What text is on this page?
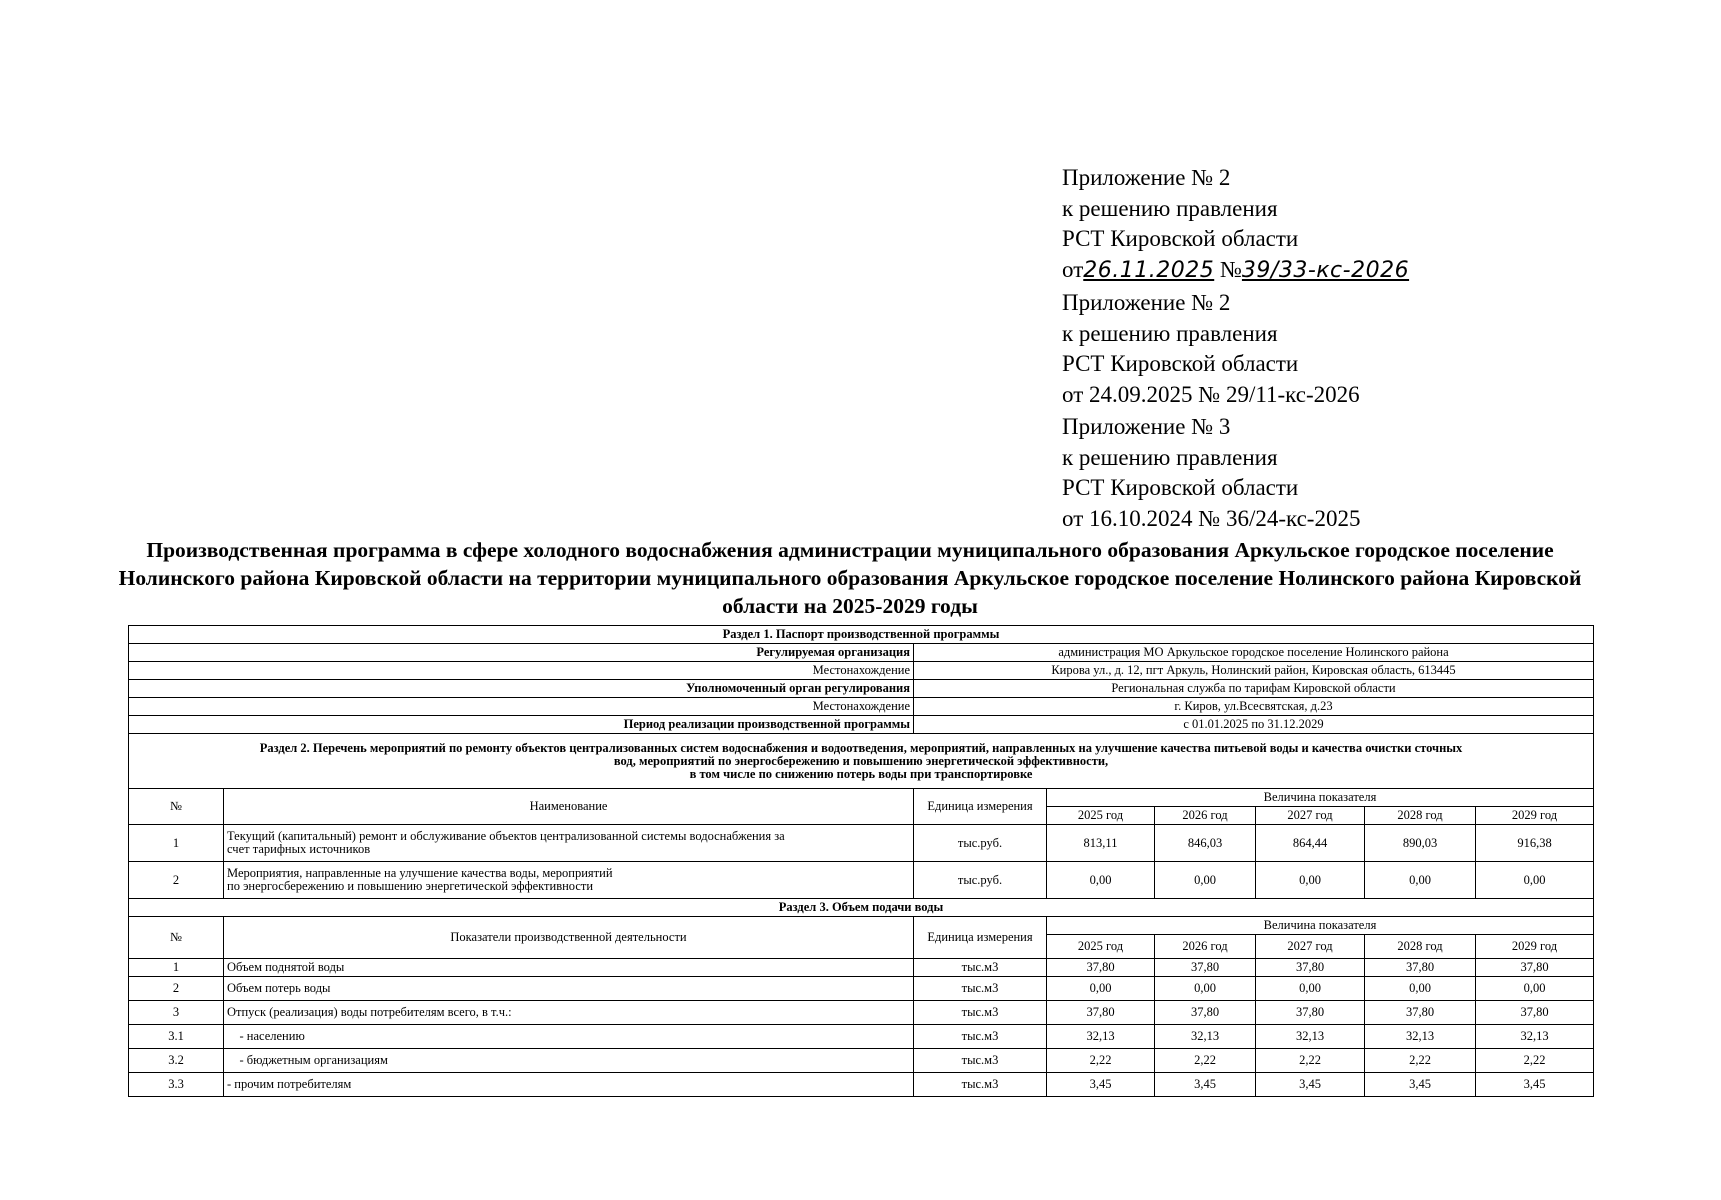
Приложение № 2
к решению правления
РСТ Кировской области
от26.11.2025 №39/33-кс-2026
Приложение № 2
к решению правления
РСТ Кировской области
от 24.09.2025 № 29/11-кс-2026
Приложение № 3
к решению правления
РСТ Кировской области
от 16.10.2024 № 36/24-кс-2025
Производственная программа в сфере холодного водоснабжения администрации муниципального образования Аркульское городское поселение Нолинского района Кировской области на территории муниципального образования Аркульское городское поселение Нолинского района Кировской области на 2025-2029 годы
Раздел 1. Паспорт производственной программы							
Регулируемая организация		администрация МО Аркульское городское поселение Нолинского района					
Местонахождение		Кирова ул., д. 12, пгт Аркуль, Нолинский район, Кировская область, 613445					
Уполномоченный орган регулирования		Региональная служба по тарифам Кировской области					
Местонахождение		г. Киров, ул.Всесвятская, д.23					
Период реализации производственной программы		с 01.01.2025 по 31.12.2029					

Раздел 2. Перечень мероприятий по ремонту объектов централизованных систем водоснабжения и водоотведения, мероприятий, направленных на улучшение качества питьевой воды и качества очистки сточных
вод, мероприятий по энергосбережению и повышению энергетической эффективности,
в том числе по снижению потерь воды при транспортировке							

№	Наименование	Единица измерения	Величина показателя				
			2025 год	2026 год	2027 год	2028 год	2029 год
1	Текущий (капитальный) ремонт и обслуживание объектов централизованной системы водоснабжения за
счет тарифных источников	тыс.руб.	813,11	846,03	864,44	890,03	916,38
2	Мероприятия, направленные на улучшение качества воды, мероприятий
по энергосбережению и повышению энергетической эффективности	тыс.руб.	0,00	0,00	0,00	0,00	0,00
Раздел 3. Объем подачи воды							
№	Показатели производственной деятельности	Единица измерения	Величина показателя				
			2025 год	2026 год	2027 год	2028 год	2029 год
1	Объем поднятой воды	тыс.м3	37,80	37,80	37,80	37,80	37,80
2	Объем потерь воды	тыс.м3	0,00	0,00	0,00	0,00	0,00
3	Отпуск (реализация) воды потребителям всего, в т.ч.:	тыс.м3	37,80	37,80	37,80	37,80	37,80
3.1	- населению	тыс.м3	32,13	32,13	32,13	32,13	32,13
3.2	- бюджетным организациям	тыс.м3	2,22	2,22	2,22	2,22	2,22
3.3	- прочим потребителям	тыс.м3	3,45	3,45	3,45	3,45	3,45
